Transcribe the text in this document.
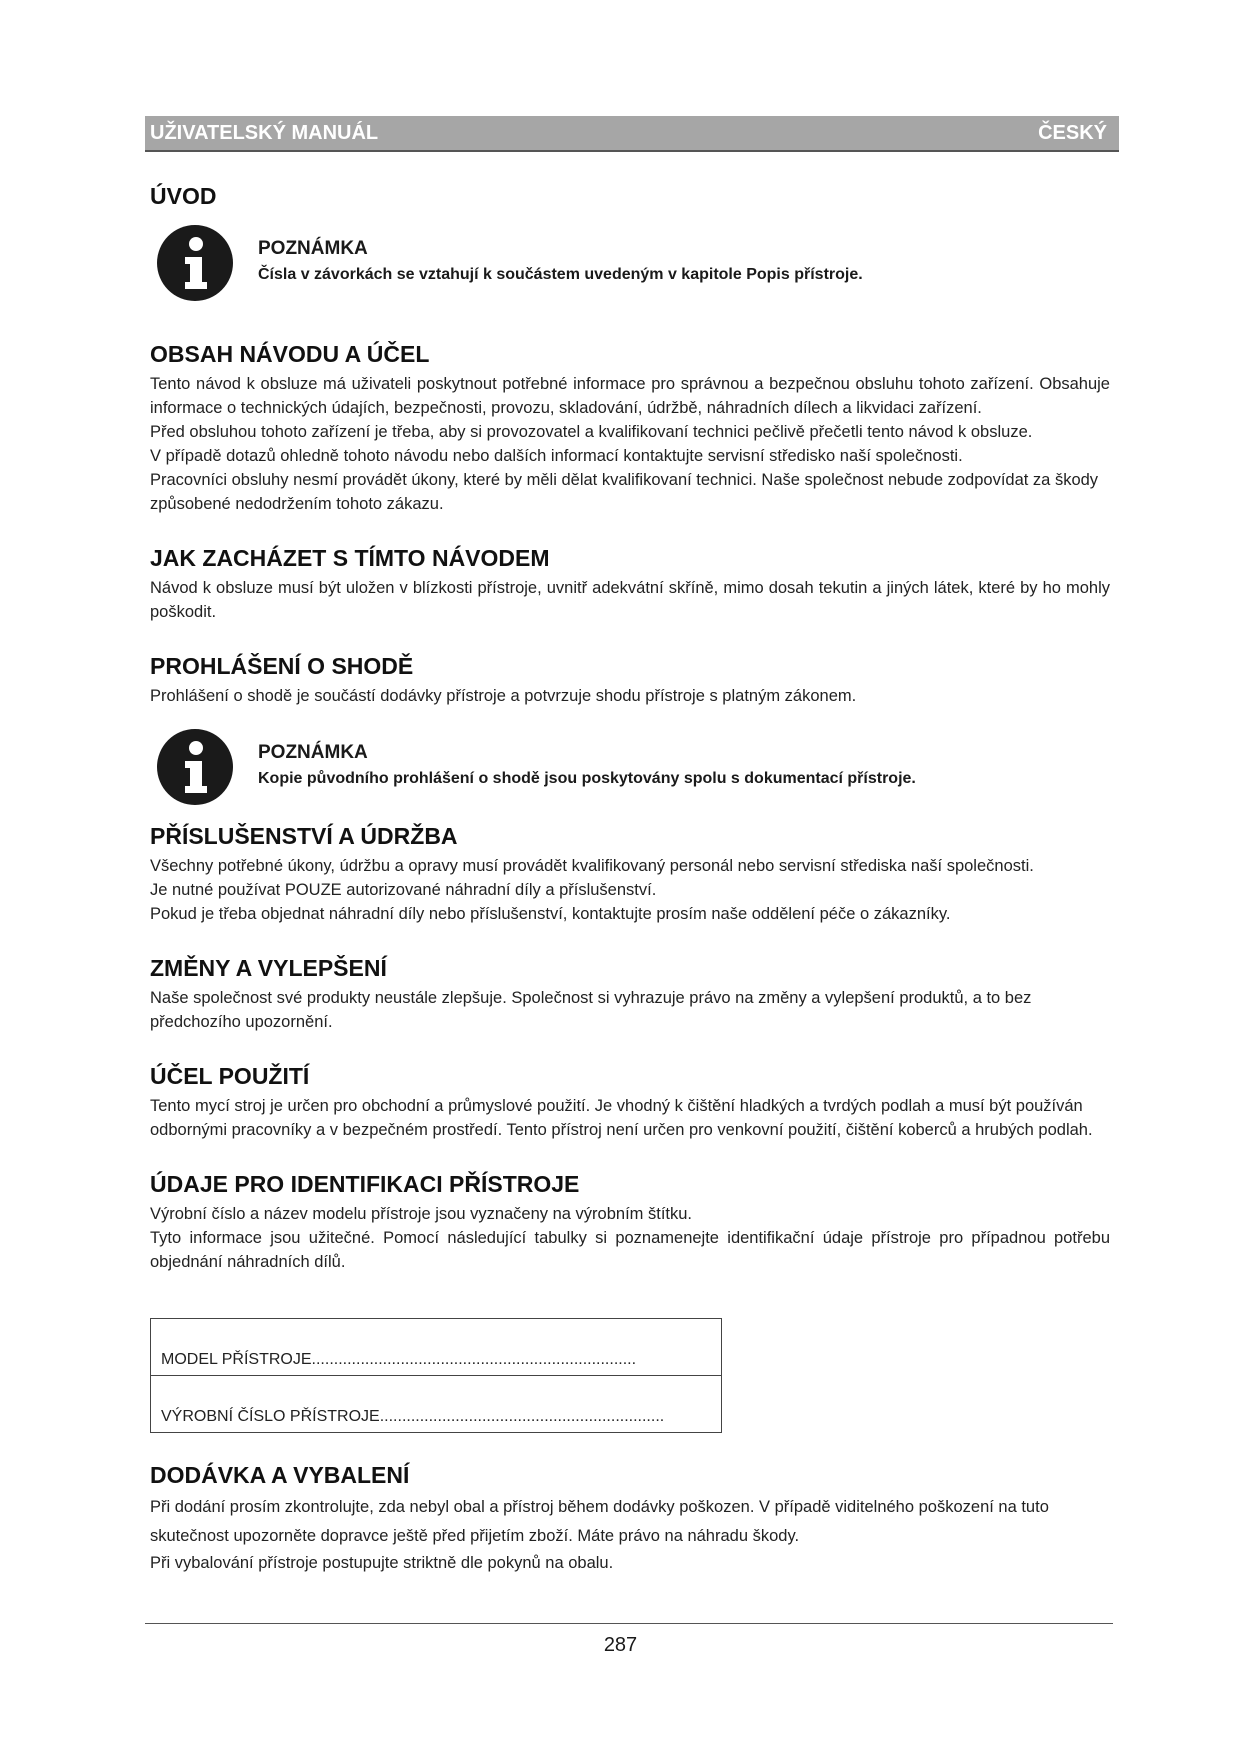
UŽIVATELSKÝ MANUÁL	ČESKÝ
ÚVOD

POZNÁMKA

Čísla v závorkách se vztahují k součástem uvedeným v kapitole Popis přístroje.

OBSAH NÁVODU A ÚČEL

Tento návod k obsluze má uživateli poskytnout potřebné informace pro správnou a bezpečnou obsluhu tohoto zařízení. Obsahuje informace o technických údajích, bezpečnosti, provozu, skladování, údržbě, náhradních dílech a likvidaci zařízení.

Před obsluhou tohoto zařízení je třeba, aby si provozovatel a kvalifikovaní technici pečlivě přečetli tento návod k obsluze.

V případě dotazů ohledně tohoto návodu nebo dalších informací kontaktujte servisní středisko naší společnosti.

Pracovníci obsluhy nesmí provádět úkony, které by měli dělat kvalifikovaní technici. Naše společnost nebude zodpovídat za škody způsobené nedodržením tohoto zákazu.

JAK ZACHÁZET S TÍMTO NÁVODEM

Návod k obsluze musí být uložen v blízkosti přístroje, uvnitř adekvátní skříně, mimo dosah tekutin a jiných látek, které by ho mohly poškodit.

PROHLÁŠENÍ O SHODĚ

Prohlášení o shodě je součástí dodávky přístroje a potvrzuje shodu přístroje s platným zákonem.

POZNÁMKA

Kopie původního prohlášení o shodě jsou poskytovány spolu s dokumentací přístroje.

PŘÍSLUŠENSTVÍ A ÚDRŽBA

Všechny potřebné úkony, údržbu a opravy musí provádět kvalifikovaný personál nebo servisní střediska naší společnosti.

Je nutné používat POUZE autorizované náhradní díly a příslušenství.

Pokud je třeba objednat náhradní díly nebo příslušenství, kontaktujte prosím naše oddělení péče o zákazníky.

ZMĚNY A VYLEPŠENÍ

Naše společnost své produkty neustále zlepšuje. Společnost si vyhrazuje právo na změny a vylepšení produktů, a to bez předchozího upozornění.

ÚČEL POUŽITÍ

Tento mycí stroj je určen pro obchodní a průmyslové použití. Je vhodný k čištění hladkých a tvrdých podlah a musí být používán odbornými pracovníky a v bezpečném prostředí. Tento přístroj není určen pro venkovní použití, čištění koberců a hrubých podlah.

ÚDAJE PRO IDENTIFIKACI PŘÍSTROJE

Výrobní číslo a název modelu přístroje jsou vyznačeny na výrobním štítku.

Tyto informace jsou užitečné. Pomocí následující tabulky si poznamenejte identifikační údaje přístroje pro případnou potřebu objednání náhradních dílů.

MODEL PŘÍSTROJE.........................................................................
VÝROBNÍ ČÍSLO PŘÍSTROJE................................................................
DODÁVKA A VYBALENÍ

Při dodání prosím zkontrolujte, zda nebyl obal a přístroj během dodávky poškozen. V případě viditelného poškození na tuto skutečnost upozorněte dopravce ještě před přijetím zboží. Máte právo na náhradu škody.

Při vybalování přístroje postupujte striktně dle pokynů na obalu.

287
